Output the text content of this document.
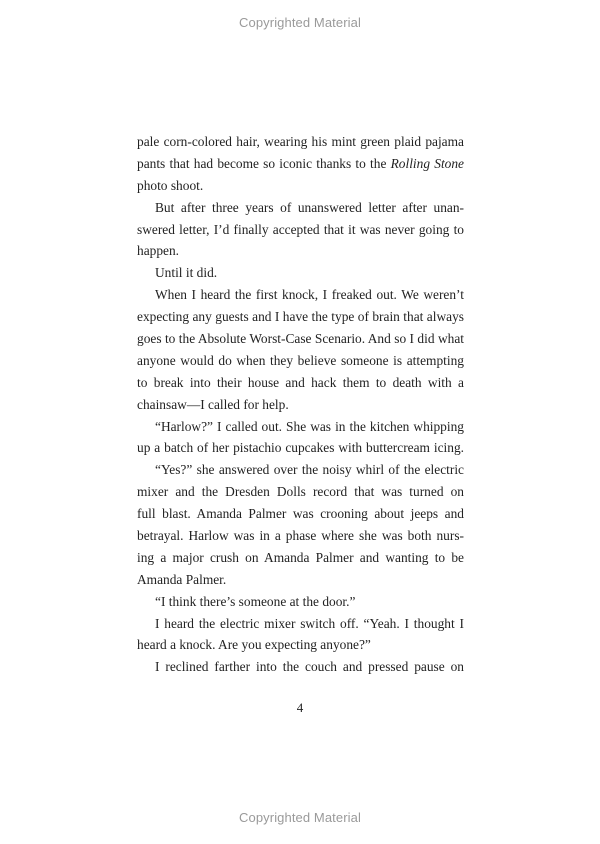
Copyrighted Material
pale corn-colored hair, wearing his mint green plaid pajama
pants that had become so iconic thanks to the Rolling Stone
photo shoot.
But after three years of unanswered letter after unan-
swered letter, I’d finally accepted that it was never going to
happen.
Until it did.
When I heard the first knock, I freaked out. We weren’t
expecting any guests and I have the type of brain that always
goes to the Absolute Worst-Case Scenario. And so I did what
anyone would do when they believe someone is attempting
to break into their house and hack them to death with a
chainsaw—I called for help.
“Harlow?” I called out. She was in the kitchen whipping
up a batch of her pistachio cupcakes with buttercream icing.
“Yes?” she answered over the noisy whirl of the electric
mixer and the Dresden Dolls record that was turned on
full blast. Amanda Palmer was crooning about jeeps and
betrayal. Harlow was in a phase where she was both nurs-
ing a major crush on Amanda Palmer and wanting to be
Amanda Palmer.
“I think there’s someone at the door.”
I heard the electric mixer switch off. “Yeah. I thought I
heard a knock. Are you expecting anyone?”
I reclined farther into the couch and pressed pause on
4
Copyrighted Material
